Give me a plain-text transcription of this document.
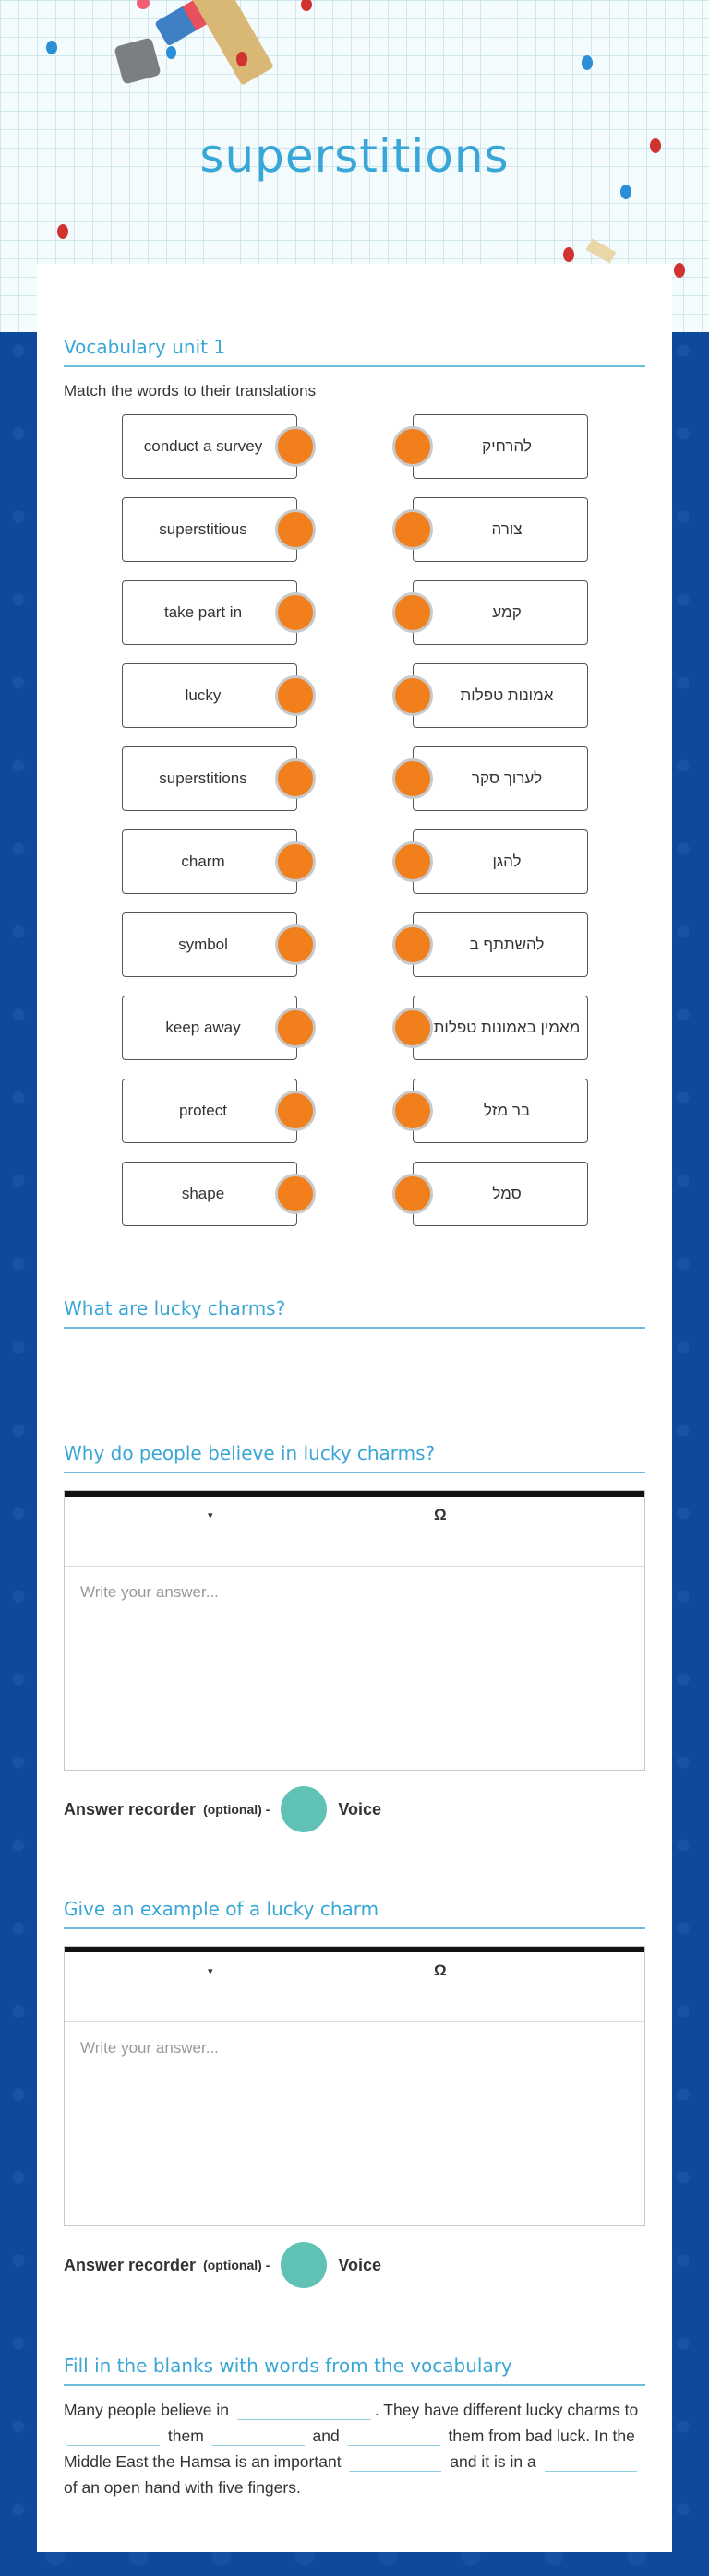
superstitions
Vocabulary unit 1
Match the words to their translations
conduct a survey	להרחיק
superstitious	צורה
take part in	קמע
lucky	אמונות טפלות
superstitions	לערוך סקר
charm	להגן
symbol	להשתתף ב
keep away	מאמין באמונות טפלות
protect	בר מזל
shape	סמל
What are lucky charms?
Why do people believe in lucky charms?
▾	Ω
Write your answer...
Answer recorder (optional) -	Voice
Give an example of a lucky charm
▾	Ω
Write your answer...
Answer recorder (optional) -	Voice
Fill in the blanks with words from the vocabulary
Many people believe in	. They have different lucky charms to  them	and	them from bad luck. In the Middle East the Hamsa is an important	and it is in a  of an open hand with five fingers.
